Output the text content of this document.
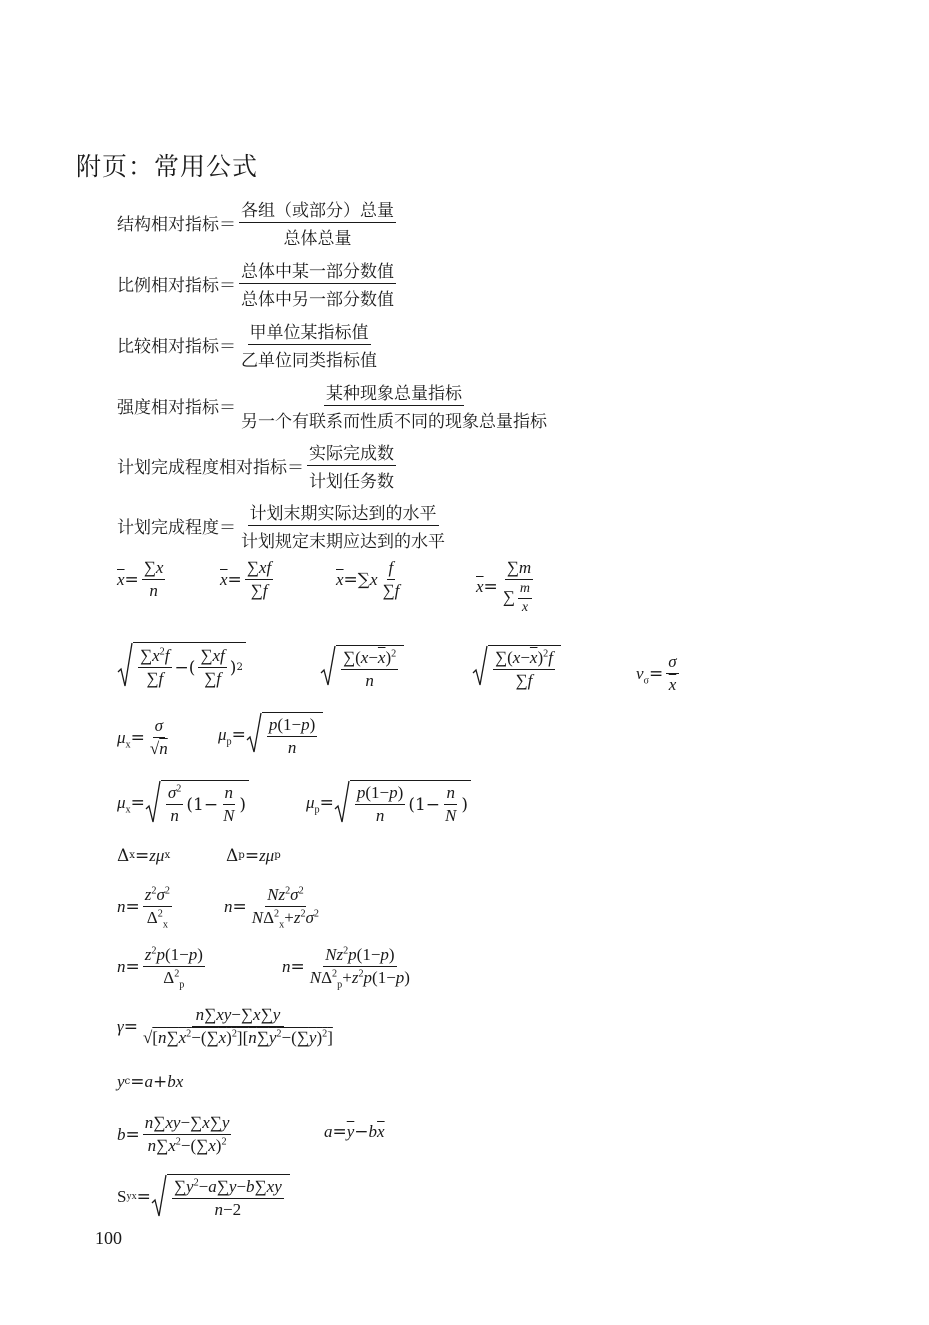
附页：常用公式
结构相对指标＝ $\frac{\text{各组（或部分）总量}}{\text{总体总量}}$
比例相对指标＝ $\frac{\text{总体中某一部分数值}}{\text{总体中另一部分数值}}$
比较相对指标＝ $\frac{\text{甲单位某指标值}}{\text{乙单位同类指标值}}$
强度相对指标＝ $\frac{\text{某种现象总量指标}}{\text{另一个有联系而性质不同的现象总量指标}}$
计划完成程度相对指标＝ $\frac{\text{实际完成数}}{\text{计划任务数}}$
计划完成程度＝ $\frac{\text{计划末期实际达到的水平}}{\text{计划规定末期应达到的水平}}$
$\overline{x} = \frac{\sum x}{n}$	$\overline{x} = \frac{\sum xf}{\sum f}$	$\overline{x}$ =∑ x $\frac{f}{\sum f}$	$\overline{x} = \frac{\sum m}{\sum \frac{m}{x}}$
$\frac{\sum x^2f}{\sum f}$ −( $\frac{\sum xf}{\sum f}$ ) 2	$\frac{\sum(x-\overline{x})^2}{n}$	$\frac{\sum(x-\overline{x})^2f}{\sum f}$	$\nu_\sigma = \frac{\sigma}{x}$
$\mu_x = \frac{\sigma}{√n}$	$\mu_p = \frac{p(1-p)}{n}$
$\mu_x = \frac{\sigma^2}{n} (1- \frac{n}{N}$ )	$\mu_p = \frac{p(1-p)}{n} (1- \frac{n}{N}$ )
Δ x = zμ x	Δ p = zμ p
$n = \frac{z^2\sigma^2}{\Delta^2_x}$	$n = \frac{Nz^2\sigma^2}{N\Delta^2_x+z^2\sigma^2}$
$n = \frac{z^2p(1-p)}{\Delta^2_p}$	$n = \frac{Nz^2p(1-p)}{N\Delta^2_p+z^2p(1-p)}$
$\gamma = \frac{n\sum xy-\sum x\sum y}{√[n\sum x^2-(\sum x)^2][n\sum y^2-(\sum y)^2]}$
y c = a + bx
$b = \frac{n\sum xy-\sum x\sum y}{n\sum x^2-(\sum x)^2}$	$a = \overline{y} - b$ $\overline{x}$
S yx = $\frac{\sum y^2-a\sum y-b\sum xy}{n-2}$
100
